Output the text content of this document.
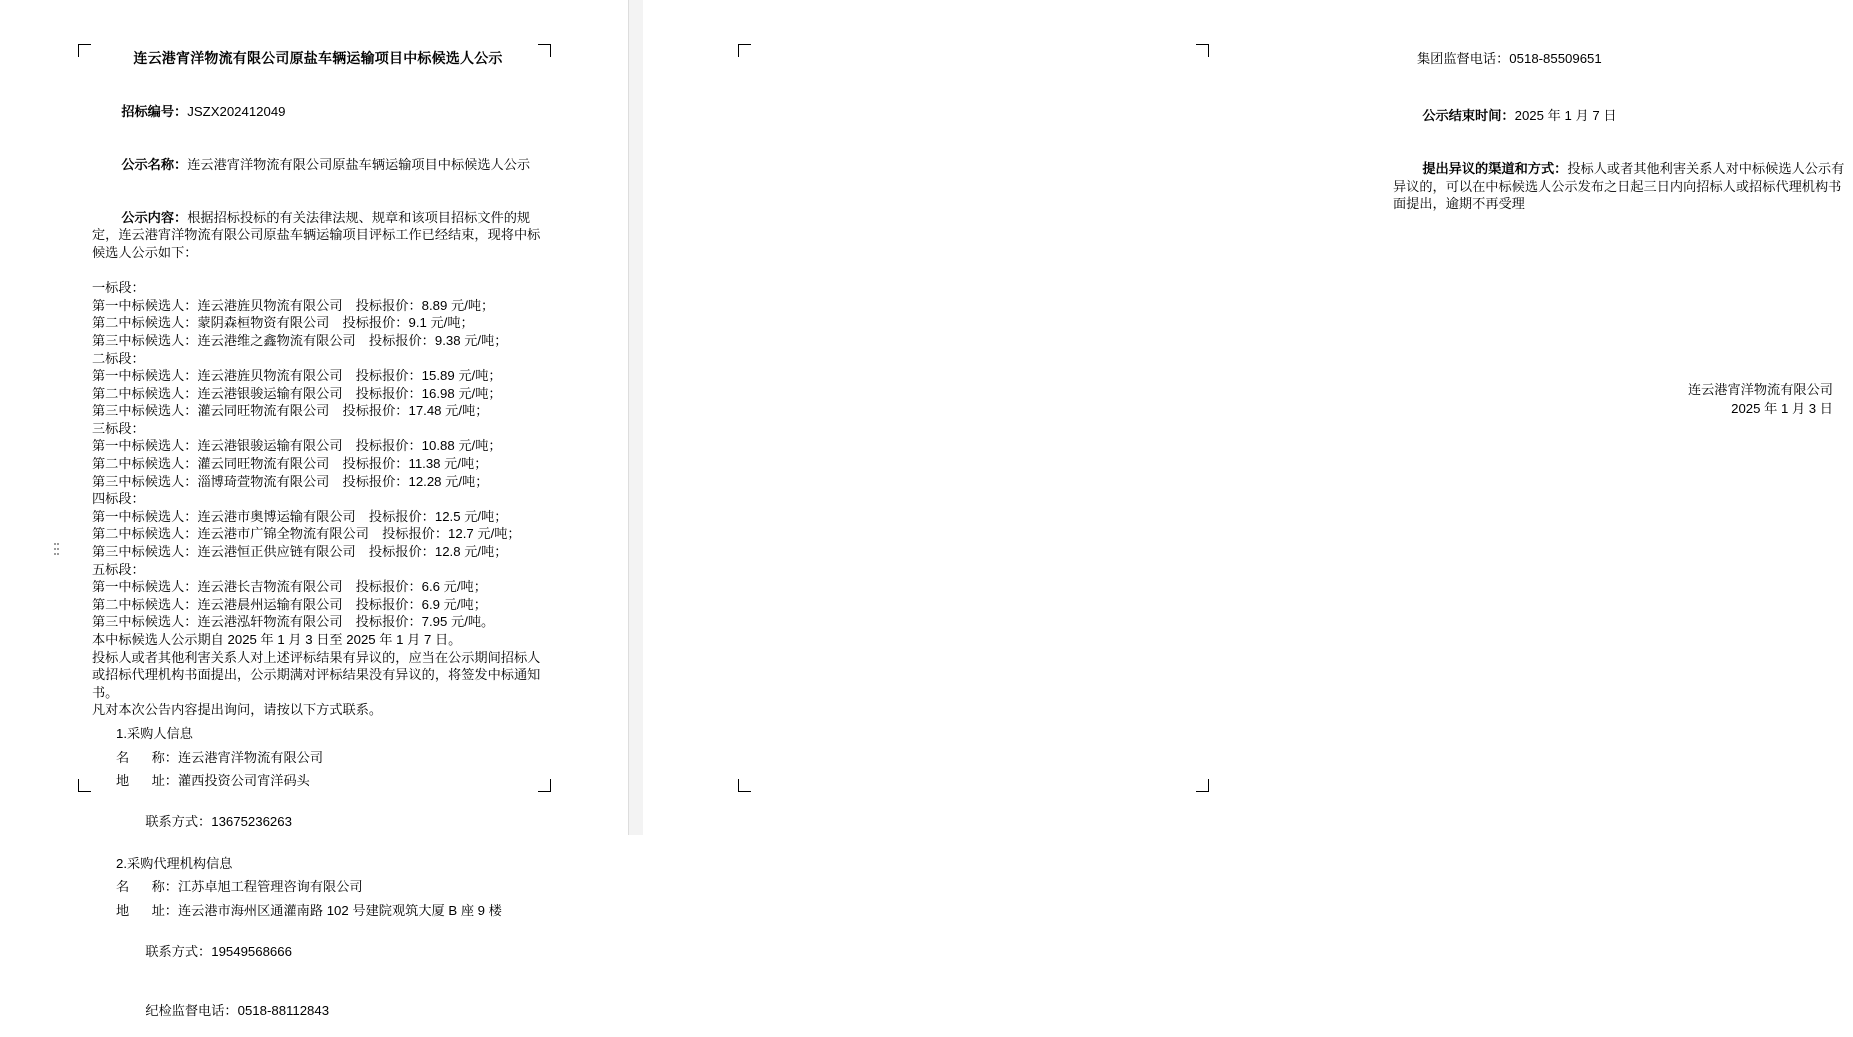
连云港宵洋物流有限公司原盐车辆运输项目中标候选人公示

招标编号：JSZX202412049

公示名称：连云港宵洋物流有限公司原盐车辆运输项目中标候选人公示

公示内容：根据招标投标的有关法律法规、规章和该项目招标文件的规定，连云港宵洋物流有限公司原盐车辆运输项目评标工作已经结束，现将中标候选人公示如下：

一标段：
第一中标候选人：连云港旌贝物流有限公司　投标报价：8.89 元/吨；
第二中标候选人：蒙阴森桓物资有限公司　投标报价：9.1 元/吨；
第三中标候选人：连云港维之鑫物流有限公司　投标报价：9.38 元/吨；
二标段：
第一中标候选人：连云港旌贝物流有限公司　投标报价：15.89 元/吨；
第二中标候选人：连云港银骏运输有限公司　投标报价：16.98 元/吨；
第三中标候选人：灌云同旺物流有限公司　投标报价：17.48 元/吨；
三标段：
第一中标候选人：连云港银骏运输有限公司　投标报价：10.88 元/吨；
第二中标候选人：灌云同旺物流有限公司　投标报价：11.38 元/吨；
第三中标候选人：淄博琦萱物流有限公司　投标报价：12.28 元/吨；
四标段：
第一中标候选人：连云港市奥博运输有限公司　投标报价：12.5 元/吨；
第二中标候选人：连云港市广锦全物流有限公司　投标报价：12.7 元/吨；
第三中标候选人：连云港恒正供应链有限公司　投标报价：12.8 元/吨；
五标段：
第一中标候选人：连云港长吉物流有限公司　投标报价：6.6 元/吨；
第二中标候选人：连云港晨州运输有限公司　投标报价：6.9 元/吨；
第三中标候选人：连云港泓轩物流有限公司　投标报价：7.95 元/吨。
本中标候选人公示期自 2025 年 1 月 3 日至 2025 年 1 月 7 日。
投标人或者其他利害关系人对上述评标结果有异议的，应当在公示期间招标人或招标代理机构书面提出，公示期满对评标结果没有异议的，将签发中标通知书。
凡对本次公告内容提出询问，请按以下方式联系。
1.采购人信息
名 称： 连云港宵洋物流有限公司
地 址： 灌西投资公司宵洋码头

联系方式：13675236263

2.采购代理机构信息
名 称： 江苏卓旭工程管理咨询有限公司
地 址： 连云港市海州区通灌南路 102 号建院观筑大厦 B 座 9 楼

联系方式：19549568666

纪检监督电话：0518-88112843

集团监督电话：0518-85509651

公示结束时间：2025 年 1 月 7 日

提出异议的渠道和方式：投标人或者其他利害关系人对中标候选人公示有异议的，可以在中标候选人公示发布之日起三日内向招标人或招标代理机构书面提出，逾期不再受理

连云港宵洋物流有限公司
2025 年 1 月 3 日
